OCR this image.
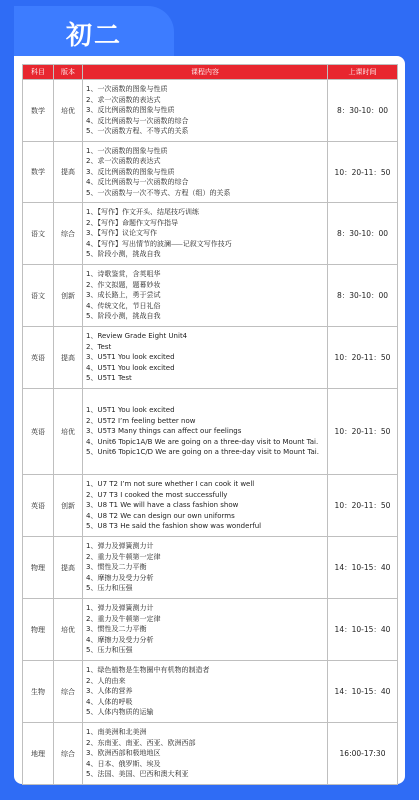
初二
科目	版本	课程内容	上课时间
数学	培优	1、一次函数的图象与性质
2、求一次函数的表达式
3、反比例函数的图象与性质
4、反比例函数与一次函数的综合
5、一次函数方程、不等式的关系	8：30-10：00
数学	提高	1、一次函数的图象与性质
2、求一次函数的表达式
3、反比例函数的图象与性质
4、反比例函数与一次函数的综合
5、一次函数与一次不等式、方程（组）的关系	10：20-11：50
语文	综合	1、【写作】作文开头、结尾技巧训练
2、【写作】命题作文写作指导
3、【写作】议论文写作
4、【写作】写出情节的波澜⸺记叙文写作技巧
5、阶段小测，挑战自我	8：30-10：00
语文	创新	1、诗歌鉴赏，含英咀华
2、作文拟题，题幕妙妆
3、成长路上，勇于尝试
4、传统文化，节日礼俗
5、阶段小测，挑战自我	8：30-10：00
英语	提高	1、Review Grade Eight Unit4
2、Test
3、U5T1 You look excited
4、U5T1 You look excited
5、U5T1 Test	10：20-11：50
英语	培优	1、U5T1 You look excited
2、U5T2 I’m feeling better now
3、U5T3 Many things can affect our feelings
4、Unit6 Topic1A/B We are going on a three-day visit to Mount Tai.
5、Unit6 Topic1C/D We are going on a three-day visit to Mount Tai.	10：20-11：50
英语	创新	1、U7 T2 I’m not sure whether I can cook it well
2、U7 T3 I cooked the most successfully
3、U8 T1 We will have a class fashion show
4、U8 T2 We can design our own uniforms
5、U8 T3 He said the fashion show was wonderful	10：20-11：50
物理	提高	1、弹力及弹簧测力计
2、重力及牛顿第一定律
3、惯性及二力平衡
4、摩擦力及受力分析
5、压力和压强	14：10-15：40
物理	培优	1、弹力及弹簧测力计
2、重力及牛顿第一定律
3、惯性及二力平衡
4、摩擦力及受力分析
5、压力和压强	14：10-15：40
生物	综合	1、绿色植物是生物圈中有机物的制造者
2、人的由来
3、人体的营养
4、人体的呼吸
5、人体内物质的运输	14：10-15：40
地理	综合	1、南美洲和北美洲
2、东南亚、南亚、西亚、欧洲西部
3、欧洲西部和极地地区
4、日本、俄罗斯、埃及
5、法国、美国、巴西和澳大利亚	16:00-17:30
